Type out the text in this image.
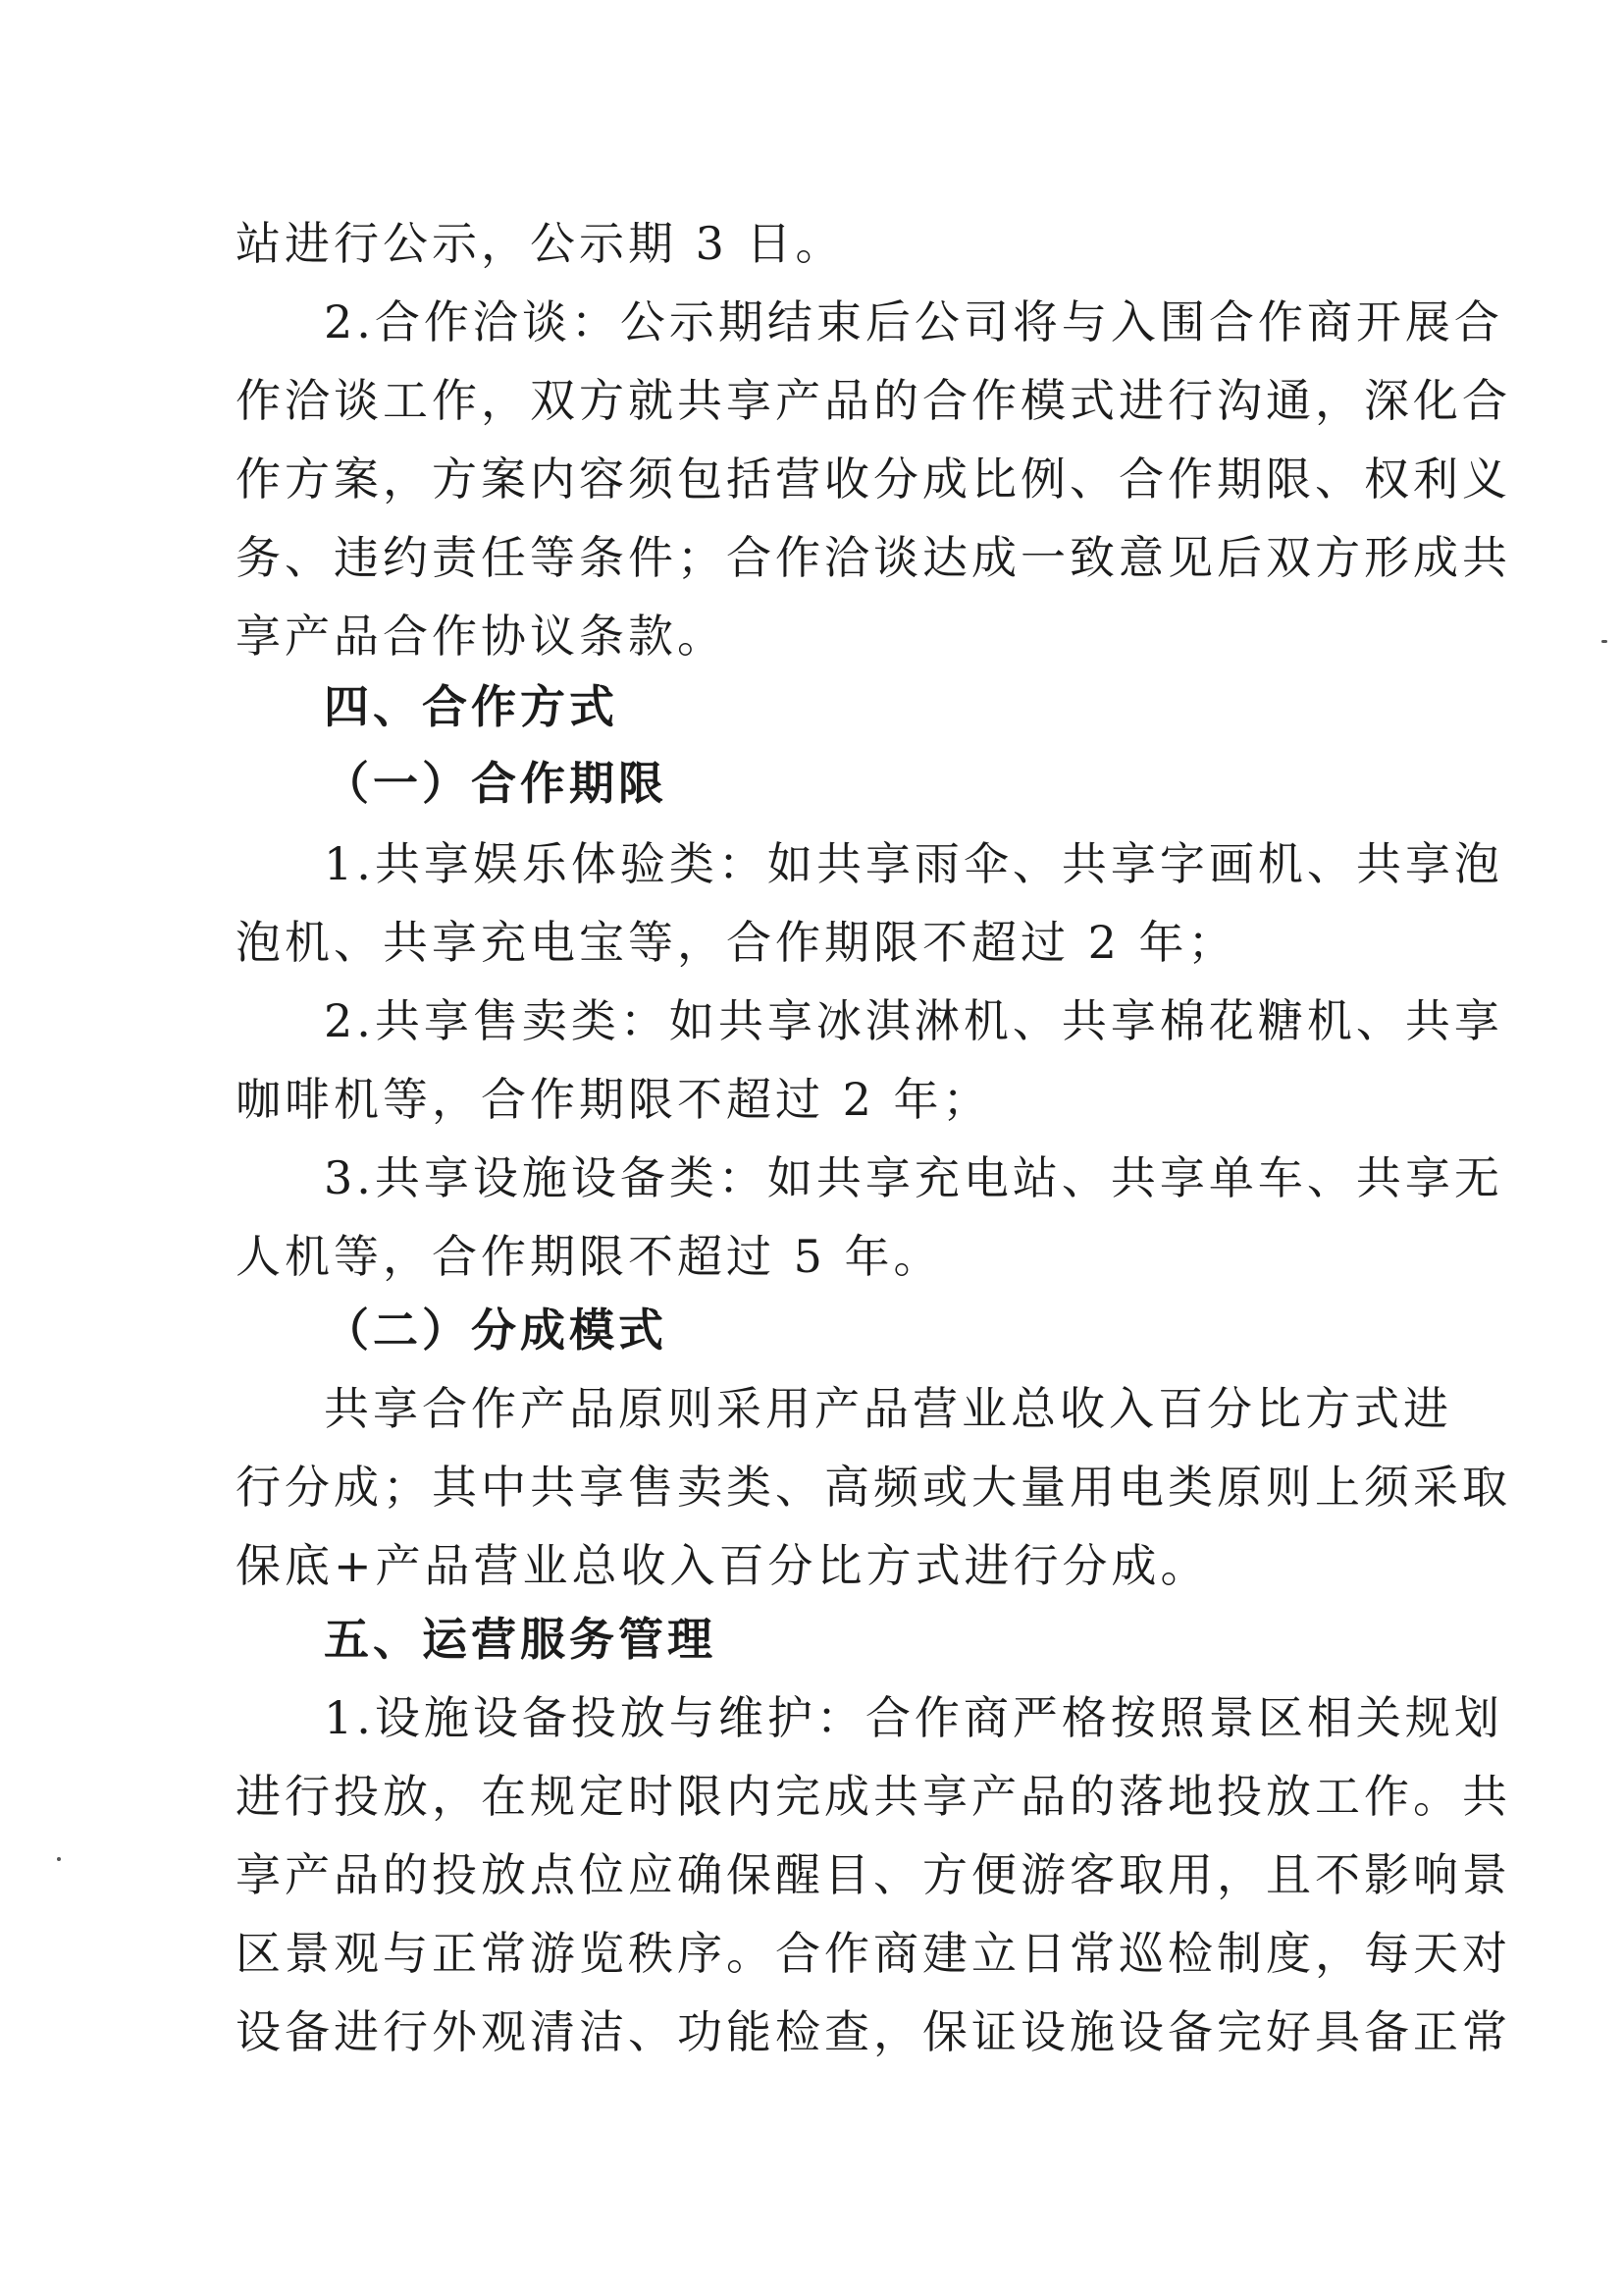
站进行公示，公示期 3 日。
2.合作洽谈：公示期结束后公司将与入围合作商开展合
作洽谈工作，双方就共享产品的合作模式进行沟通，深化合
作方案，方案内容须包括营收分成比例、合作期限、权利义
务、违约责任等条件；合作洽谈达成一致意见后双方形成共
享产品合作协议条款。
四、合作方式
（一）合作期限
1.共享娱乐体验类：如共享雨伞、共享字画机、共享泡
泡机、共享充电宝等，合作期限不超过 2 年；
2.共享售卖类：如共享冰淇淋机、共享棉花糖机、共享
咖啡机等，合作期限不超过 2 年；
3.共享设施设备类：如共享充电站、共享单车、共享无
人机等，合作期限不超过 5 年。
（二）分成模式
共享合作产品原则采用产品营业总收入百分比方式进
行分成；其中共享售卖类、高频或大量用电类原则上须采取
保底+产品营业总收入百分比方式进行分成。
五、运营服务管理
1.设施设备投放与维护：合作商严格按照景区相关规划
进行投放，在规定时限内完成共享产品的落地投放工作。共
享产品的投放点位应确保醒目、方便游客取用，且不影响景
区景观与正常游览秩序。合作商建立日常巡检制度，每天对
设备进行外观清洁、功能检查，保证设施设备完好具备正常
